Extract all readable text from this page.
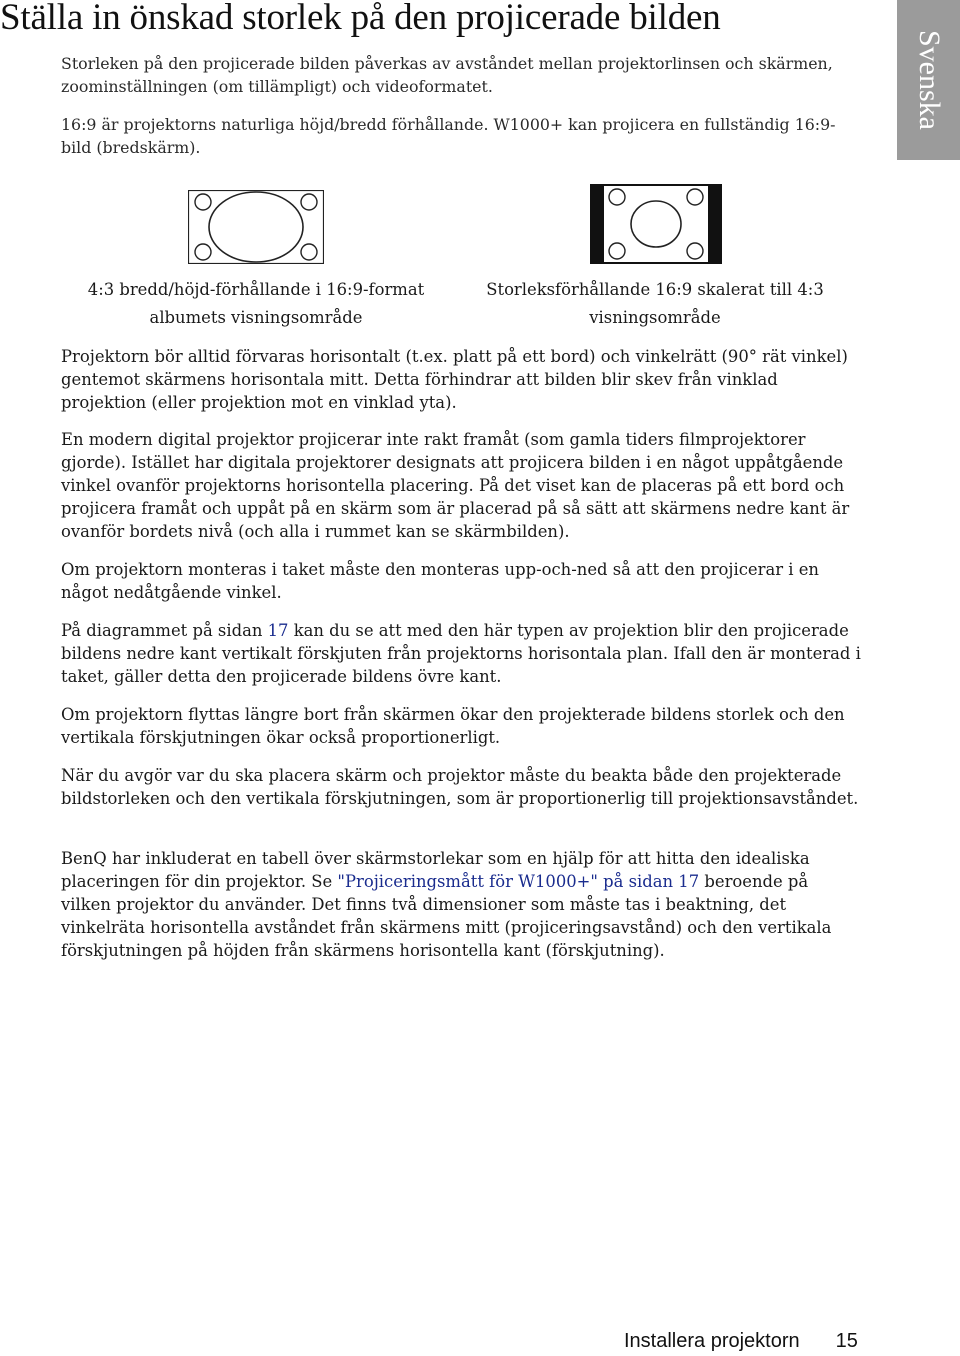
Ställa in önskad storlek på den projicerade bilden
Svenska

Storleken på den projicerade bilden påverkas av avståndet mellan projektorlinsen och skärmen, zoominställningen (om tillämpligt) och videoformatet.

16:9 är projektorns naturliga höjd/bredd förhållande. W1000+ kan projicera en fullständig 16:9-bild (bredskärm).

4:3 bredd/höjd-förhållande i 16:9-format
albumets visningsområde
Storleksförhållande 16:9 skalerat till 4:3
visningsområde

Projektorn bör alltid förvaras horisontalt (t.ex. platt på ett bord) och vinkelrätt (90° rät vinkel) gentemot skärmens horisontala mitt. Detta förhindrar att bilden blir skev från vinklad projektion (eller projektion mot en vinklad yta).

En modern digital projektor projicerar inte rakt framåt (som gamla tiders filmprojektorer gjorde). Istället har digitala projektorer designats att projicera bilden i en något uppåtgående vinkel ovanför projektorns horisontella placering. På det viset kan de placeras på ett bord och projicera framåt och uppåt på en skärm som är placerad på så sätt att skärmens nedre kant är ovanför bordets nivå (och alla i rummet kan se skärmbilden).

Om projektorn monteras i taket måste den monteras upp-och-ned så att den projicerar i en något nedåtgående vinkel.

På diagrammet på sidan 17 kan du se att med den här typen av projektion blir den projicerade bildens nedre kant vertikalt förskjuten från projektorns horisontala plan. Ifall den är monterad i taket, gäller detta den projicerade bildens övre kant.

Om projektorn flyttas längre bort från skärmen ökar den projekterade bildens storlek och den vertikala förskjutningen ökar också proportionerligt.

När du avgör var du ska placera skärm och projektor måste du beakta både den projekterade bildstorleken och den vertikala förskjutningen, som är proportionerlig till projektionsavståndet.

BenQ har inkluderat en tabell över skärmstorlekar som en hjälp för att hitta den idealiska placeringen för din projektor. Se "Projiceringsmått för W1000+" på sidan 17 beroende på vilken projektor du använder. Det finns två dimensioner som måste tas i beaktning, det vinkelräta horisontella avståndet från skärmens mitt (projiceringsavstånd) och den vertikala förskjutningen på höjden från skärmens horisontella kant (förskjutning).

Installera projektorn 15
